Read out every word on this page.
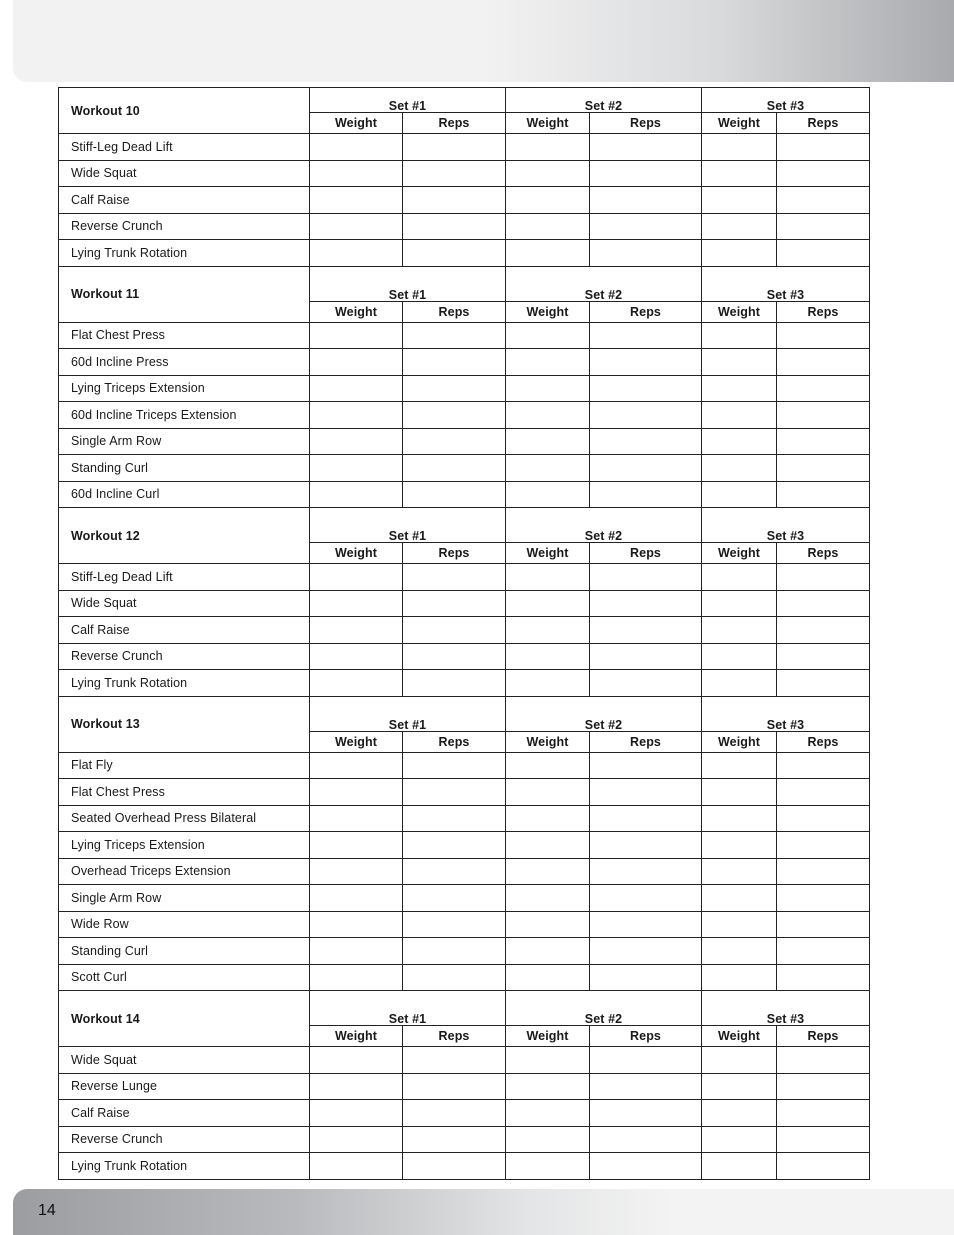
Workout 10	Set #1		Set #2		Set #3	

	Weight	Reps	Weight	Reps	Weight	Reps
Stiff-Leg Dead Lift						
Wide Squat						
Calf Raise						
Reverse Crunch						
Lying Trunk Rotation						
Workout 11	Set #1		Set #2		Set #3	

	Weight	Reps	Weight	Reps	Weight	Reps
Flat Chest Press						
60d Incline Press						
Lying Triceps Extension						
60d Incline Triceps Extension						
Single Arm Row						
Standing Curl						
60d Incline Curl						
Workout 12	Set #1		Set #2		Set #3	

	Weight	Reps	Weight	Reps	Weight	Reps
Stiff-Leg Dead Lift						
Wide Squat						
Calf Raise						
Reverse Crunch						
Lying Trunk Rotation						
Workout 13	Set #1		Set #2		Set #3	

	Weight	Reps	Weight	Reps	Weight	Reps
Flat Fly						
Flat Chest Press						
Seated Overhead Press Bilateral						
Lying Triceps Extension						
Overhead Triceps Extension						
Single Arm Row						
Wide Row						
Standing Curl						
Scott Curl						
Workout 14	Set #1		Set #2		Set #3	

	Weight	Reps	Weight	Reps	Weight	Reps
Wide Squat						
Reverse Lunge						
Calf Raise						
Reverse Crunch						
Lying Trunk Rotation						
14
